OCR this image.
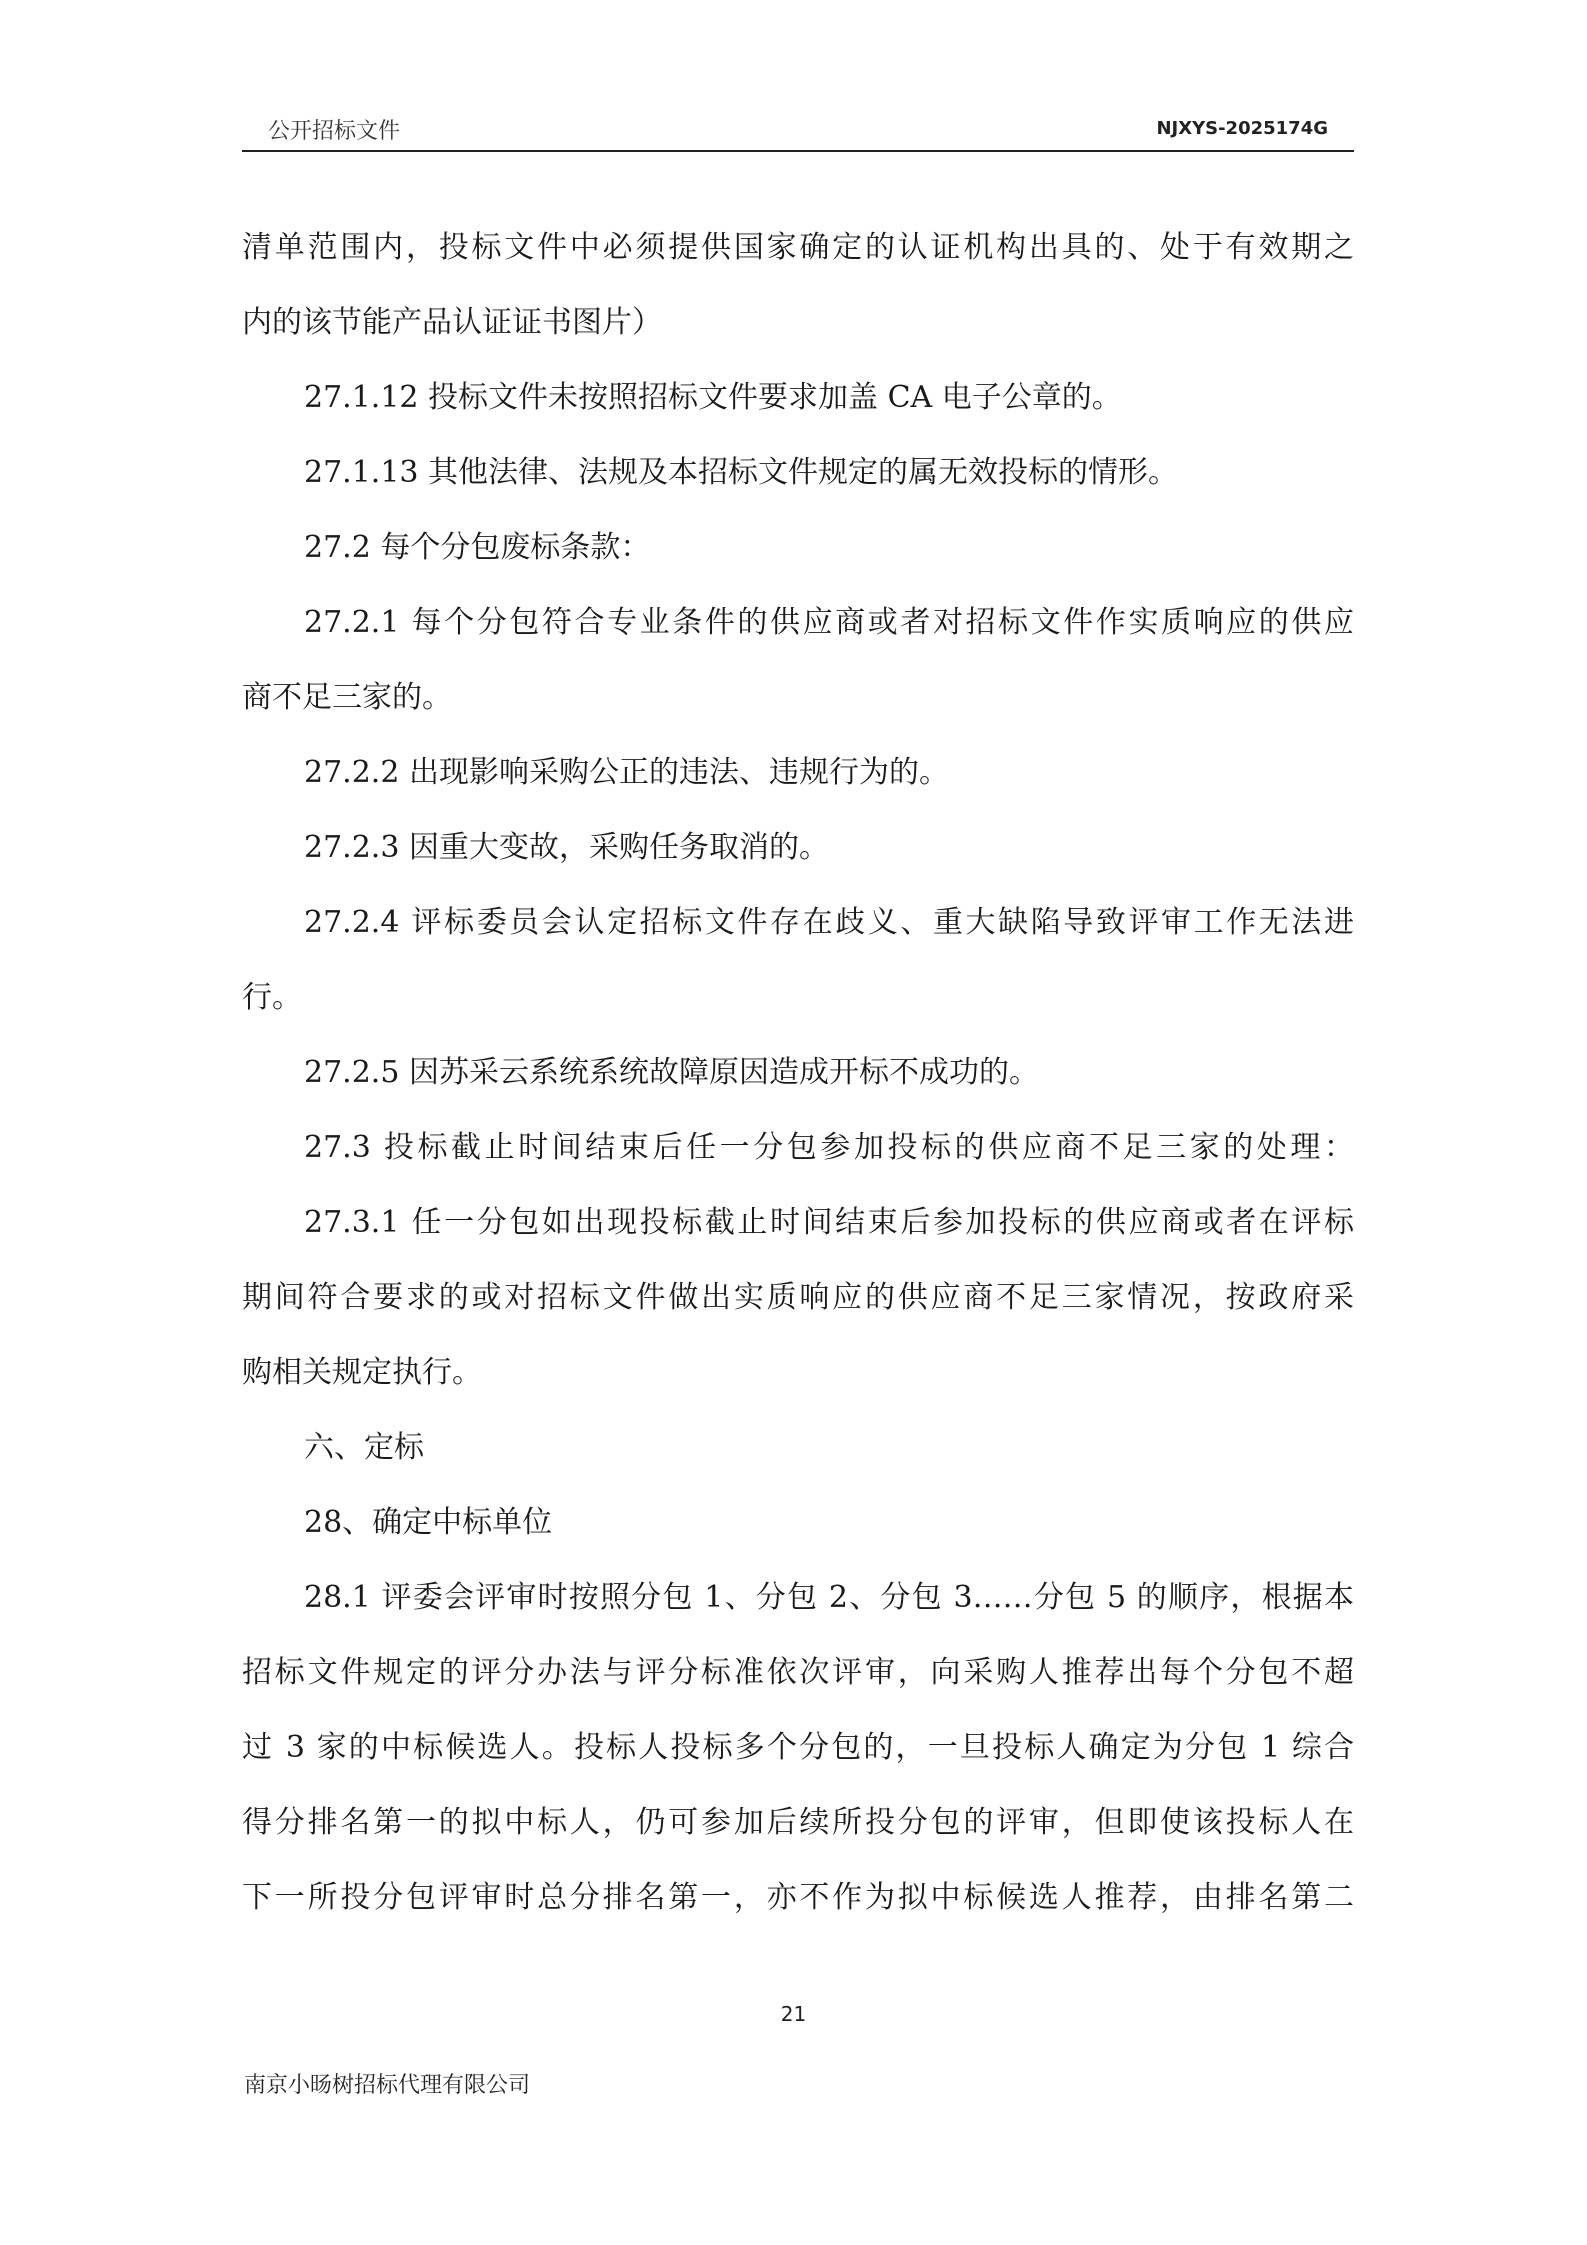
公开招标文件	NJXYS-2025174G
清单范围内，投标文件中必须提供国家确定的认证机构出具的、处于有效期之
内的该节能产品认证证书图片）
27.1.12 投标文件未按照招标文件要求加盖 CA 电子公章的。
27.1.13 其他法律、法规及本招标文件规定的属无效投标的情形。
27.2 每个分包废标条款：
27.2.1 每个分包符合专业条件的供应商或者对招标文件作实质响应的供应
商不足三家的。
27.2.2 出现影响采购公正的违法、违规行为的。
27.2.3 因重大变故，采购任务取消的。
27.2.4 评标委员会认定招标文件存在歧义、重大缺陷导致评审工作无法进
行。
27.2.5 因苏采云系统系统故障原因造成开标不成功的。
27.3 投标截止时间结束后任一分包参加投标的供应商不足三家的处理：
27.3.1 任一分包如出现投标截止时间结束后参加投标的供应商或者在评标
期间符合要求的或对招标文件做出实质响应的供应商不足三家情况，按政府采
购相关规定执行。
六、定标
28、确定中标单位
28.1 评委会评审时按照分包 1、分包 2、分包 3……分包 5 的顺序，根据本
招标文件规定的评分办法与评分标准依次评审，向采购人推荐出每个分包不超
过 3 家的中标候选人。投标人投标多个分包的，一旦投标人确定为分包 1 综合
得分排名第一的拟中标人，仍可参加后续所投分包的评审，但即使该投标人在
下一所投分包评审时总分排名第一，亦不作为拟中标候选人推荐，由排名第二
21
南京小旸树招标代理有限公司
